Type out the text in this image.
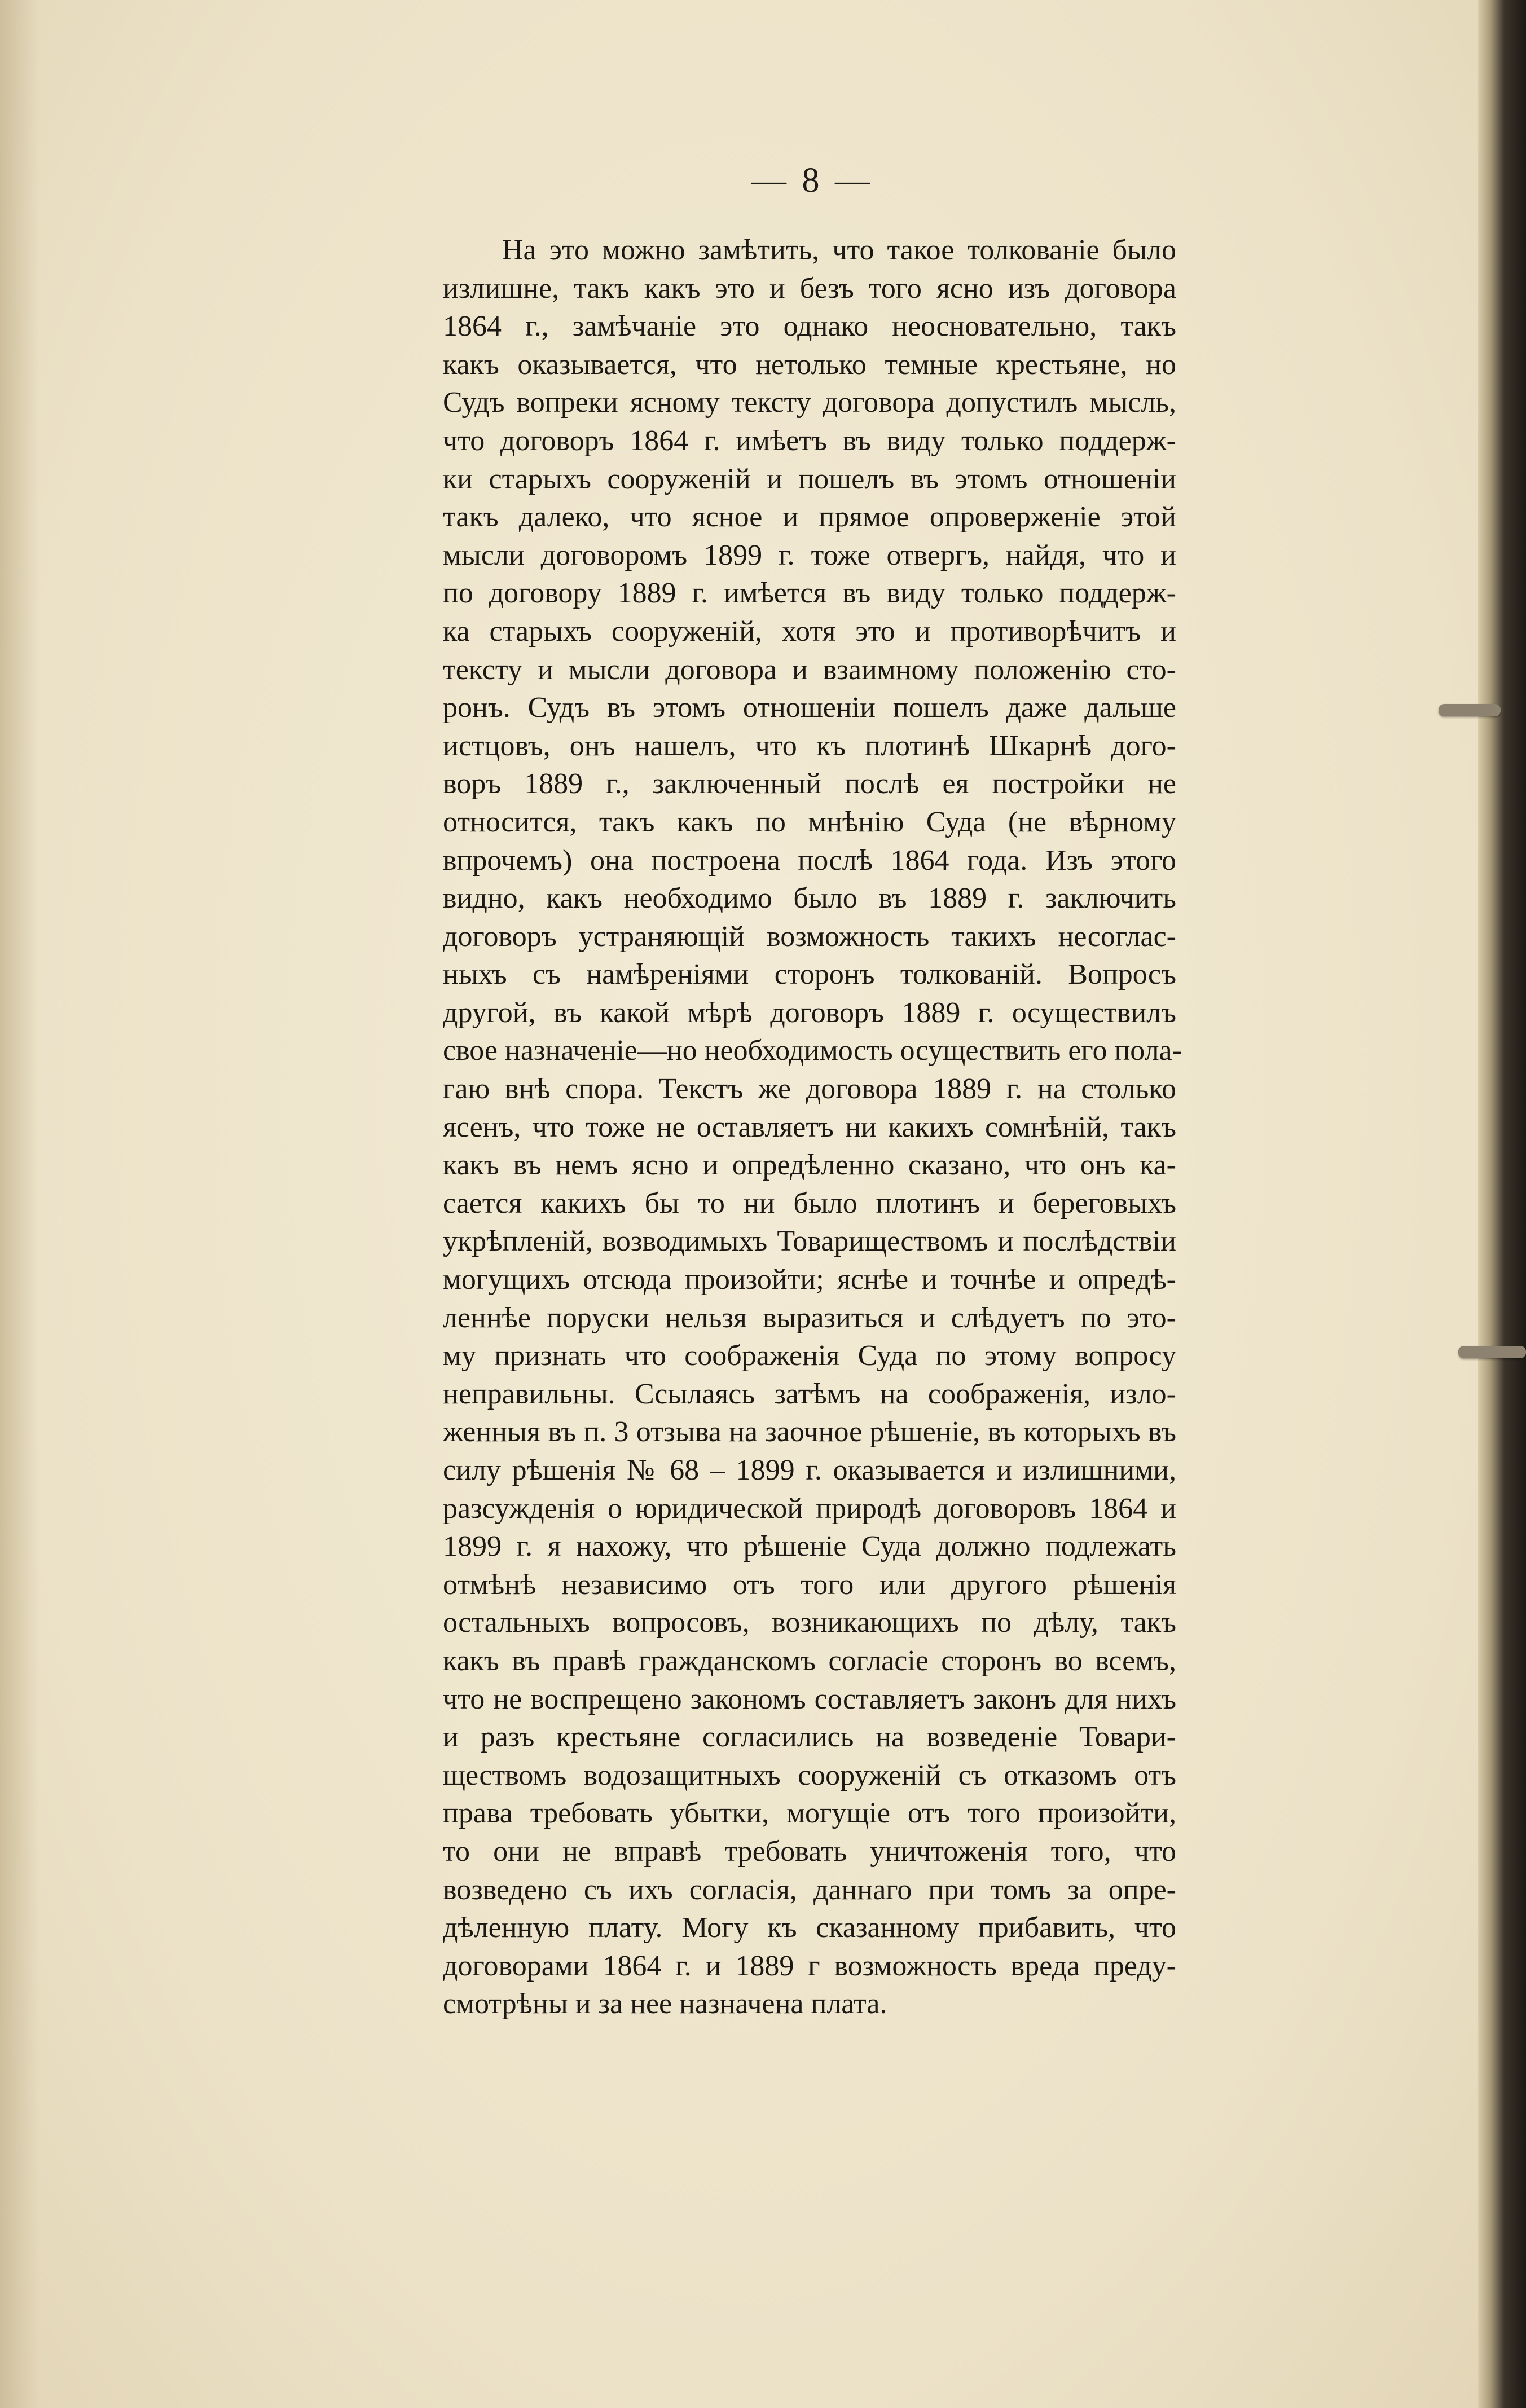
— 8 —
На это можно замѣтить, что такое толкованіе было
излишне, такъ какъ это и безъ того ясно изъ договора
1864 г., замѣчаніе это однако неосновательно, такъ
какъ оказывается, что нетолько темные крестьяне, но
Судъ вопреки ясному тексту договора допустилъ мысль,
что договоръ 1864 г. имѣетъ въ виду только поддерж-
ки старыхъ сооруженій и пошелъ въ этомъ отношеніи
такъ далеко, что ясное и прямое опроверженіе этой
мысли договоромъ 1899 г. тоже отвергъ, найдя, что и
по договору 1889 г. имѣется въ виду только поддерж-
ка старыхъ сооруженій, хотя это и противорѣчитъ и
тексту и мысли договора и взаимному положенію сто-
ронъ. Судъ въ этомъ отношеніи пошелъ даже дальше
истцовъ, онъ нашелъ, что къ плотинѣ Шкарнѣ дого-
воръ 1889 г., заключенный послѣ ея постройки не
относится, такъ какъ по мнѣнію Суда (не вѣрному
впрочемъ) она построена послѣ 1864 года. Изъ этого
видно, какъ необходимо было въ 1889 г. заключить
договоръ устраняющій возможность такихъ несоглас-
ныхъ съ намѣреніями сторонъ толкованій. Вопросъ
другой, въ какой мѣрѣ договоръ 1889 г. осуществилъ
свое назначеніе—но необходимость осуществить его пола-
гаю внѣ спора. Текстъ же договора 1889 г. на столько
ясенъ, что тоже не оставляетъ ни какихъ сомнѣній, такъ
какъ въ немъ ясно и опредѣленно сказано, что онъ ка-
сается какихъ бы то ни было плотинъ и береговыхъ
укрѣпленій, возводимыхъ Товариществомъ и послѣдствіи
могущихъ отсюда произойти; яснѣе и точнѣе и опредѣ-
леннѣе порyски нельзя выразиться и слѣдуетъ по это-
му признать что соображенія Суда по этому вопросу
неправильны. Ссылаясь затѣмъ на соображенія, изло-
женныя въ п. 3 отзыва на заочное рѣшеніе, въ которыхъ въ
силу рѣшенія № 68 – 1899 г. оказывается и излишними,
разсужденія о юридической природѣ договоровъ 1864 и
1899 г. я нахожу, что рѣшеніе Суда должно подлежать
отмѣнѣ независимо отъ того или другого рѣшенія
остальныхъ вопросовъ, возникающихъ по дѣлу, такъ
какъ въ правѣ гражданскомъ согласіе сторонъ во всемъ,
что не воспрещено закономъ составляетъ законъ для нихъ
и разъ крестьяне согласились на возведеніе Товари-
ществомъ водозащитныхъ сооруженій съ отказомъ отъ
права требовать убытки, могущіе отъ того произойти,
то они не вправѣ требовать уничтоженія того, что
возведено съ ихъ согласія, даннаго при томъ за опре-
дѣленную плату. Могу къ сказанному прибавить, что
договорами 1864 г. и 1889 г возможность вреда преду-
смотрѣны и за нее назначена плата.
